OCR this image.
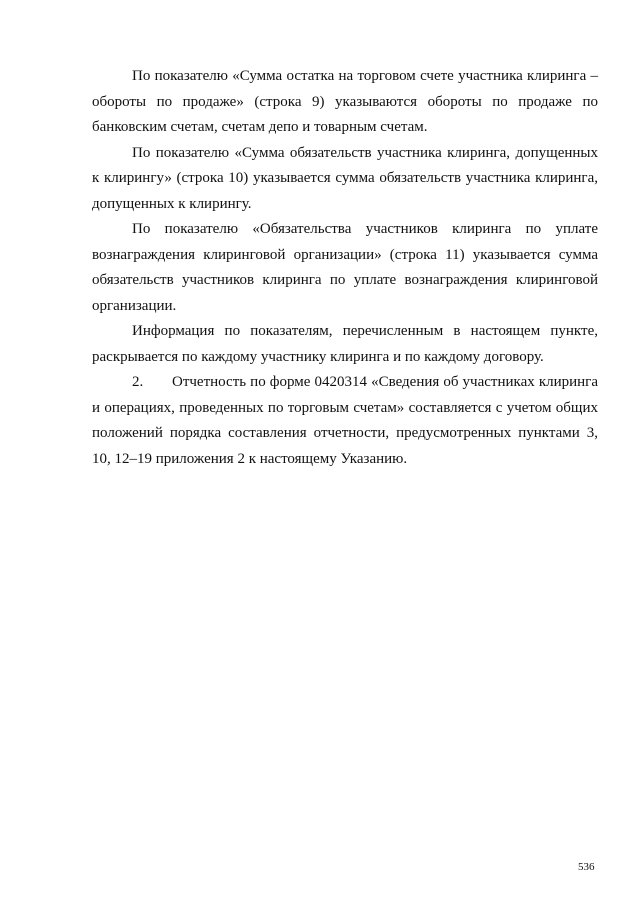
По показателю «Сумма остатка на торговом счете участника клиринга – обороты по продаже» (строка 9) указываются обороты по продаже по банковским счетам, счетам депо и товарным счетам.

По показателю «Сумма обязательств участника клиринга, допущенных к клирингу» (строка 10) указывается сумма обязательств участника клиринга, допущенных к клирингу.

По показателю «Обязательства участников клиринга по уплате вознаграждения клиринговой организации» (строка 11) указывается сумма обязательств участников клиринга по уплате вознаграждения клиринговой организации.

Информация по показателям, перечисленным в настоящем пункте, раскрывается по каждому участнику клиринга и по каждому договору.

2. Отчетность по форме 0420314 «Сведения об участниках клиринга и операциях, проведенных по торговым счетам» составляется с учетом общих положений порядка составления отчетности, предусмотренных пунктами 3, 10, 12–19 приложения 2 к настоящему Указанию.

536
